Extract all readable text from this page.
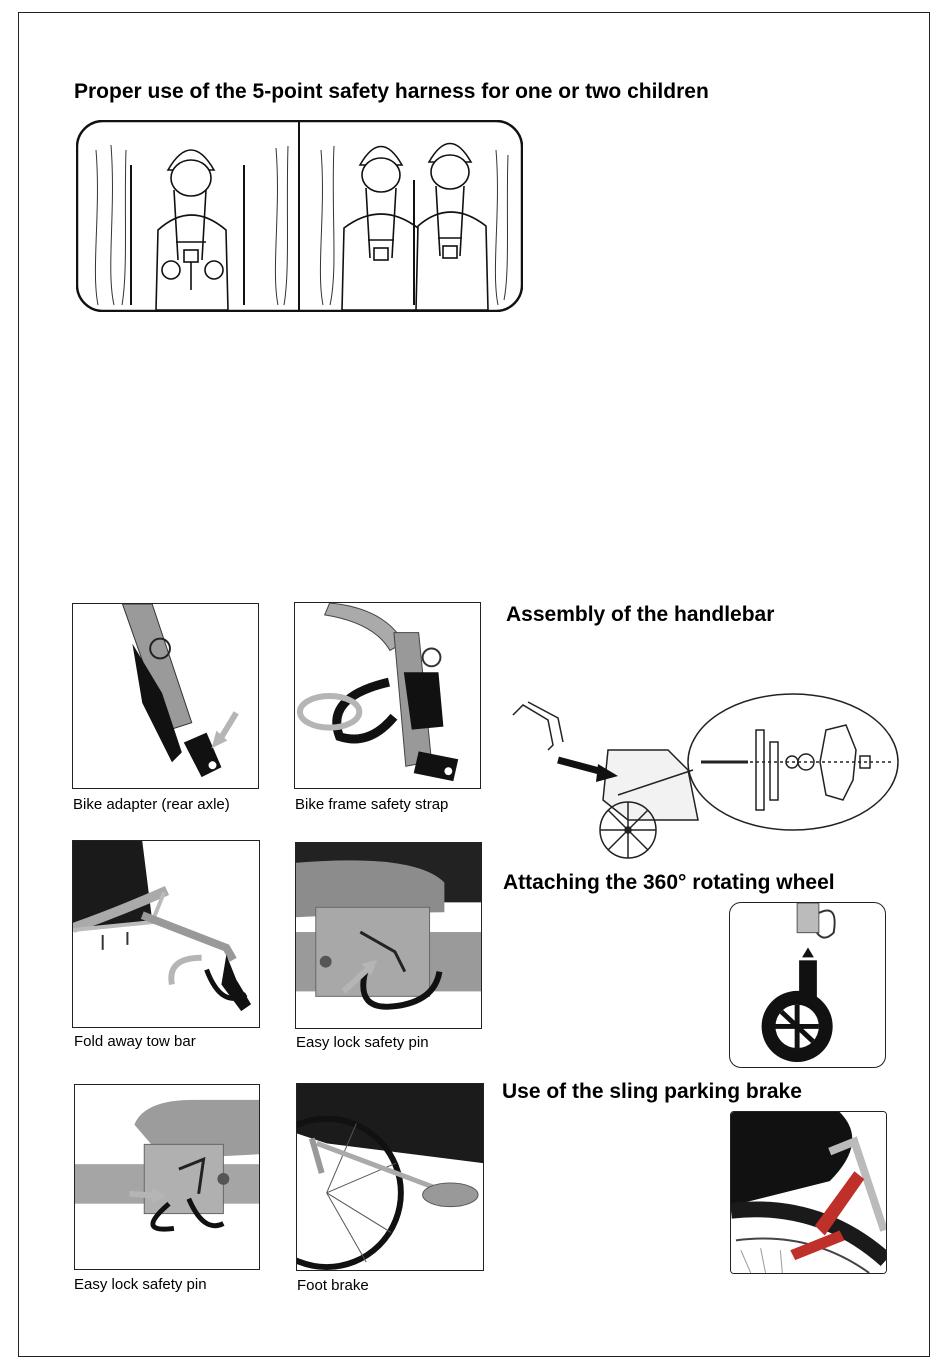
Proper use of the 5-point safety harness for one or two children
Bike adapter (rear axle)	Bike frame safety strap
Assembly of the handlebar
Fold away tow bar	Easy lock safety pin
Attaching the 360° rotating wheel
Easy lock safety pin	Foot brake
Use of the sling parking brake
